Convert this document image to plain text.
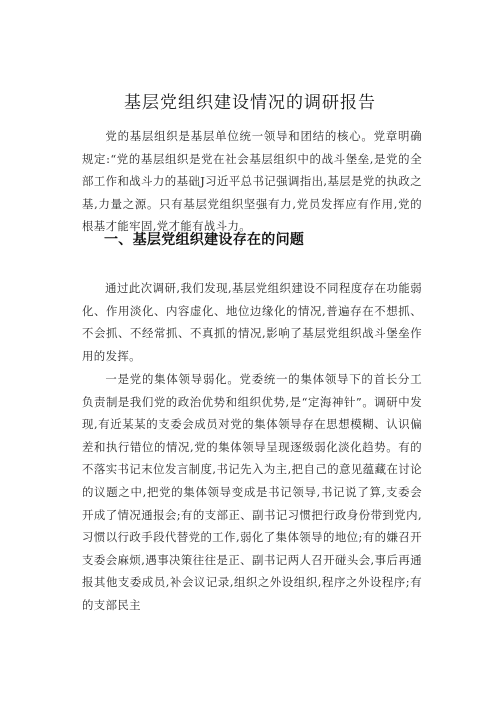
基层党组织建设情况的调研报告

党的基层组织是基层单位统一领导和团结的核心。党章明确规定:“党的基层组织是党在社会基层组织中的战斗堡垒,是党的全部工作和战斗力的基础J习近平总书记强调指出,基层是党的执政之基,力量之源。只有基层党组织坚强有力,党员发挥应有作用,党的根基才能牢固,党才能有战斗力。

一、基层党组织建设存在的问题

通过此次调研,我们发现,基层党组织建设不同程度存在功能弱化、作用淡化、内容虚化、地位边缘化的情况,普遍存在不想抓、不会抓、不经常抓、不真抓的情况,影响了基层党组织战斗堡垒作用的发挥。

一是党的集体领导弱化。党委统一的集体领导下的首长分工负责制是我们党的政治优势和组织优势,是“定海神针”。调研中发现,有近某某的支委会成员对党的集体领导存在思想模糊、认识偏差和执行错位的情况,党的集体领导呈现逐级弱化淡化趋势。有的不落实书记末位发言制度,书记先入为主,把自己的意见蕴藏在讨论的议题之中,把党的集体领导变成是书记领导,书记说了算,支委会开成了情况通报会;有的支部正、副书记习惯把行政身份带到党内,习惯以行政手段代替党的工作,弱化了集体领导的地位;有的嫌召开支委会麻烦,遇事决策往往是正、副书记两人召开碰头会,事后再通报其他支委成员,补会议记录,组织之外设组织,程序之外设程序;有的支部民主
